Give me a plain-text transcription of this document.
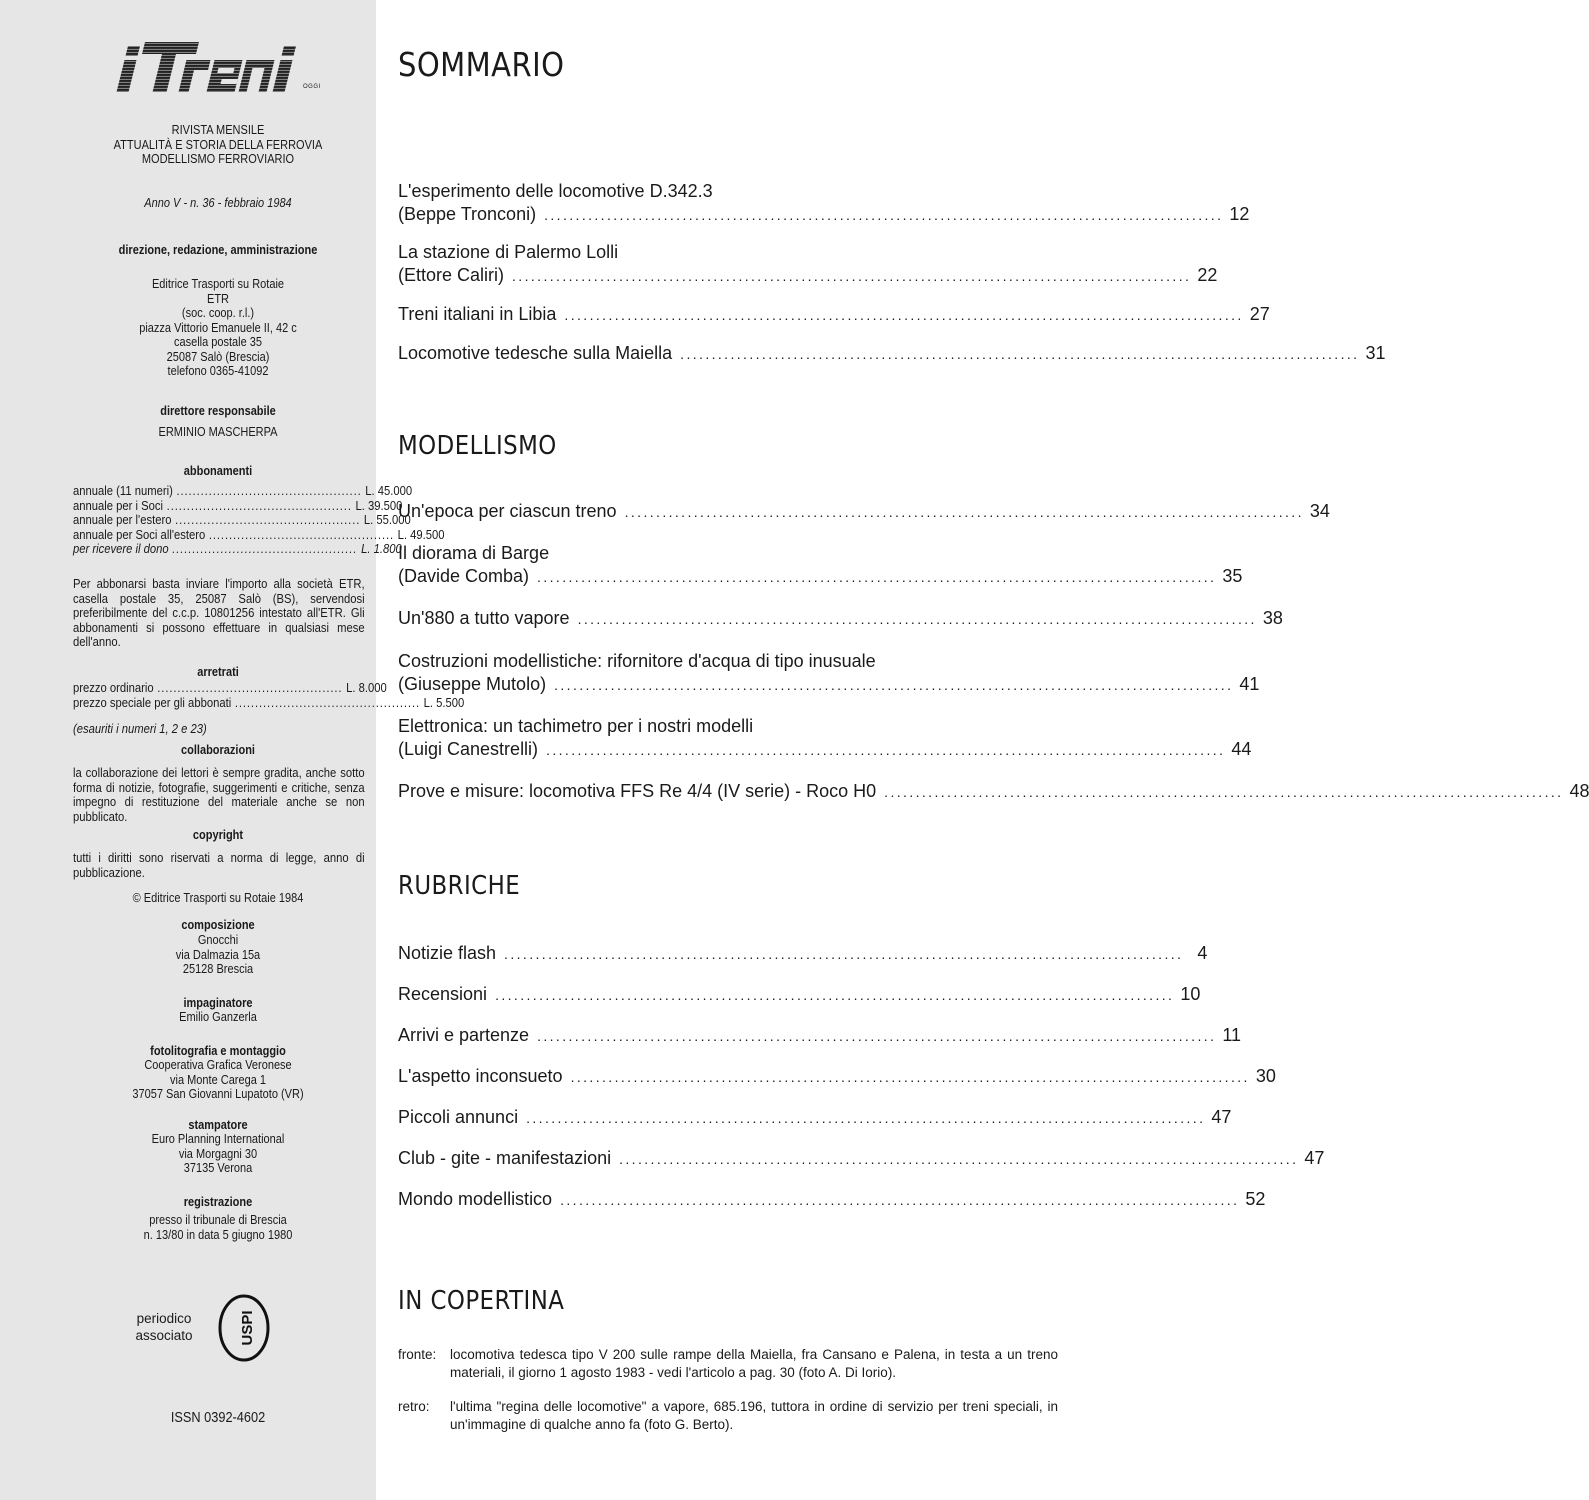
iTreni
OGGI
RIVISTA MENSILE
ATTUALITÀ E STORIA DELLA FERROVIA
MODELLISMO FERROVIARIO
Anno V - n. 36 - febbraio 1984
direzione, redazione, amministrazione
Editrice Trasporti su Rotaie
ETR
(soc. coop. r.l.)
piazza Vittorio Emanuele II, 42 c
casella postale 35
25087 Salò (Brescia)
telefono 0365-41092
direttore responsabile
ERMINIO MASCHERPA
abbonamenti
annuale (11 numeri) .............................................. L. 45.000
annuale per i Soci .............................................. L. 39.500
annuale per l'estero .............................................. L. 55.000
annuale per Soci all'estero .............................................. L. 49.500
per ricevere il dono .............................................. L. 1.800
Per abbonarsi basta inviare l'importo alla società ETR, casella postale 35, 25087 Salò (BS), servendosi preferibilmente del c.c.p. 10801256 intestato all'ETR. Gli abbonamenti si possono effettuare in qualsiasi mese dell'anno.
arretrati
prezzo ordinario .............................................. L. 8.000
prezzo speciale per gli abbonati .............................................. L. 5.500
(esauriti i numeri 1, 2 e 23)
collaborazioni
la collaborazione dei lettori è sempre gradita, anche sotto forma di notizie, fotografie, suggerimenti e critiche, senza impegno di restituzione del materiale anche se non pubblicato.
copyright
tutti i diritti sono riservati a norma di legge, anno di pubblicazione.
© Editrice Trasporti su Rotaie 1984
composizione
Gnocchi
via Dalmazia 15a
25128 Brescia
impaginatore
Emilio Ganzerla
fotolitografia e montaggio
Cooperativa Grafica Veronese
via Monte Carega 1
37057 San Giovanni Lupatoto (VR)
stampatore
Euro Planning International
via Morgagni 30
37135 Verona
registrazione
presso il tribunale di Brescia
n. 13/80 in data 5 giugno 1980
periodico
associato	USPI
ISSN 0392-4602
SOMMARIO
L'esperimento delle locomotive D.342.3
(Beppe Tronconi) ............................................................................................................ 12
La stazione di Palermo Lolli
(Ettore Caliri) ............................................................................................................ 22
Treni italiani in Libia ............................................................................................................ 27
Locomotive tedesche sulla Maiella ............................................................................................................ 31
MODELLISMO
Un'epoca per ciascun treno ............................................................................................................ 34
Il diorama di Barge
(Davide Comba) ............................................................................................................ 35
Un'880 a tutto vapore ............................................................................................................ 38
Costruzioni modellistiche: rifornitore d'acqua di tipo inusuale
(Giuseppe Mutolo) ............................................................................................................ 41
Elettronica: un tachimetro per i nostri modelli
(Luigi Canestrelli) ............................................................................................................ 44
Prove e misure: locomotiva FFS Re 4/4 (IV serie) - Roco H0 ............................................................................................................ 48
RUBRICHE
Notizie flash ............................................................................................................ 4
Recensioni ............................................................................................................ 10
Arrivi e partenze ............................................................................................................ 11
L'aspetto inconsueto ............................................................................................................ 30
Piccoli annunci ............................................................................................................ 47
Club - gite - manifestazioni ............................................................................................................ 47
Mondo modellistico ............................................................................................................ 52
IN COPERTINA
fronte:	locomotiva tedesca tipo V 200 sulle rampe della Maiella, fra Cansano e Palena, in testa a un treno materiali, il giorno 1 agosto 1983 - vedi l'articolo a pag. 30 (foto A. Di Iorio).
retro:	l'ultima "regina delle locomotive" a vapore, 685.196, tuttora in ordine di servizio per treni speciali, in un'immagine di qualche anno fa (foto G. Berto).
